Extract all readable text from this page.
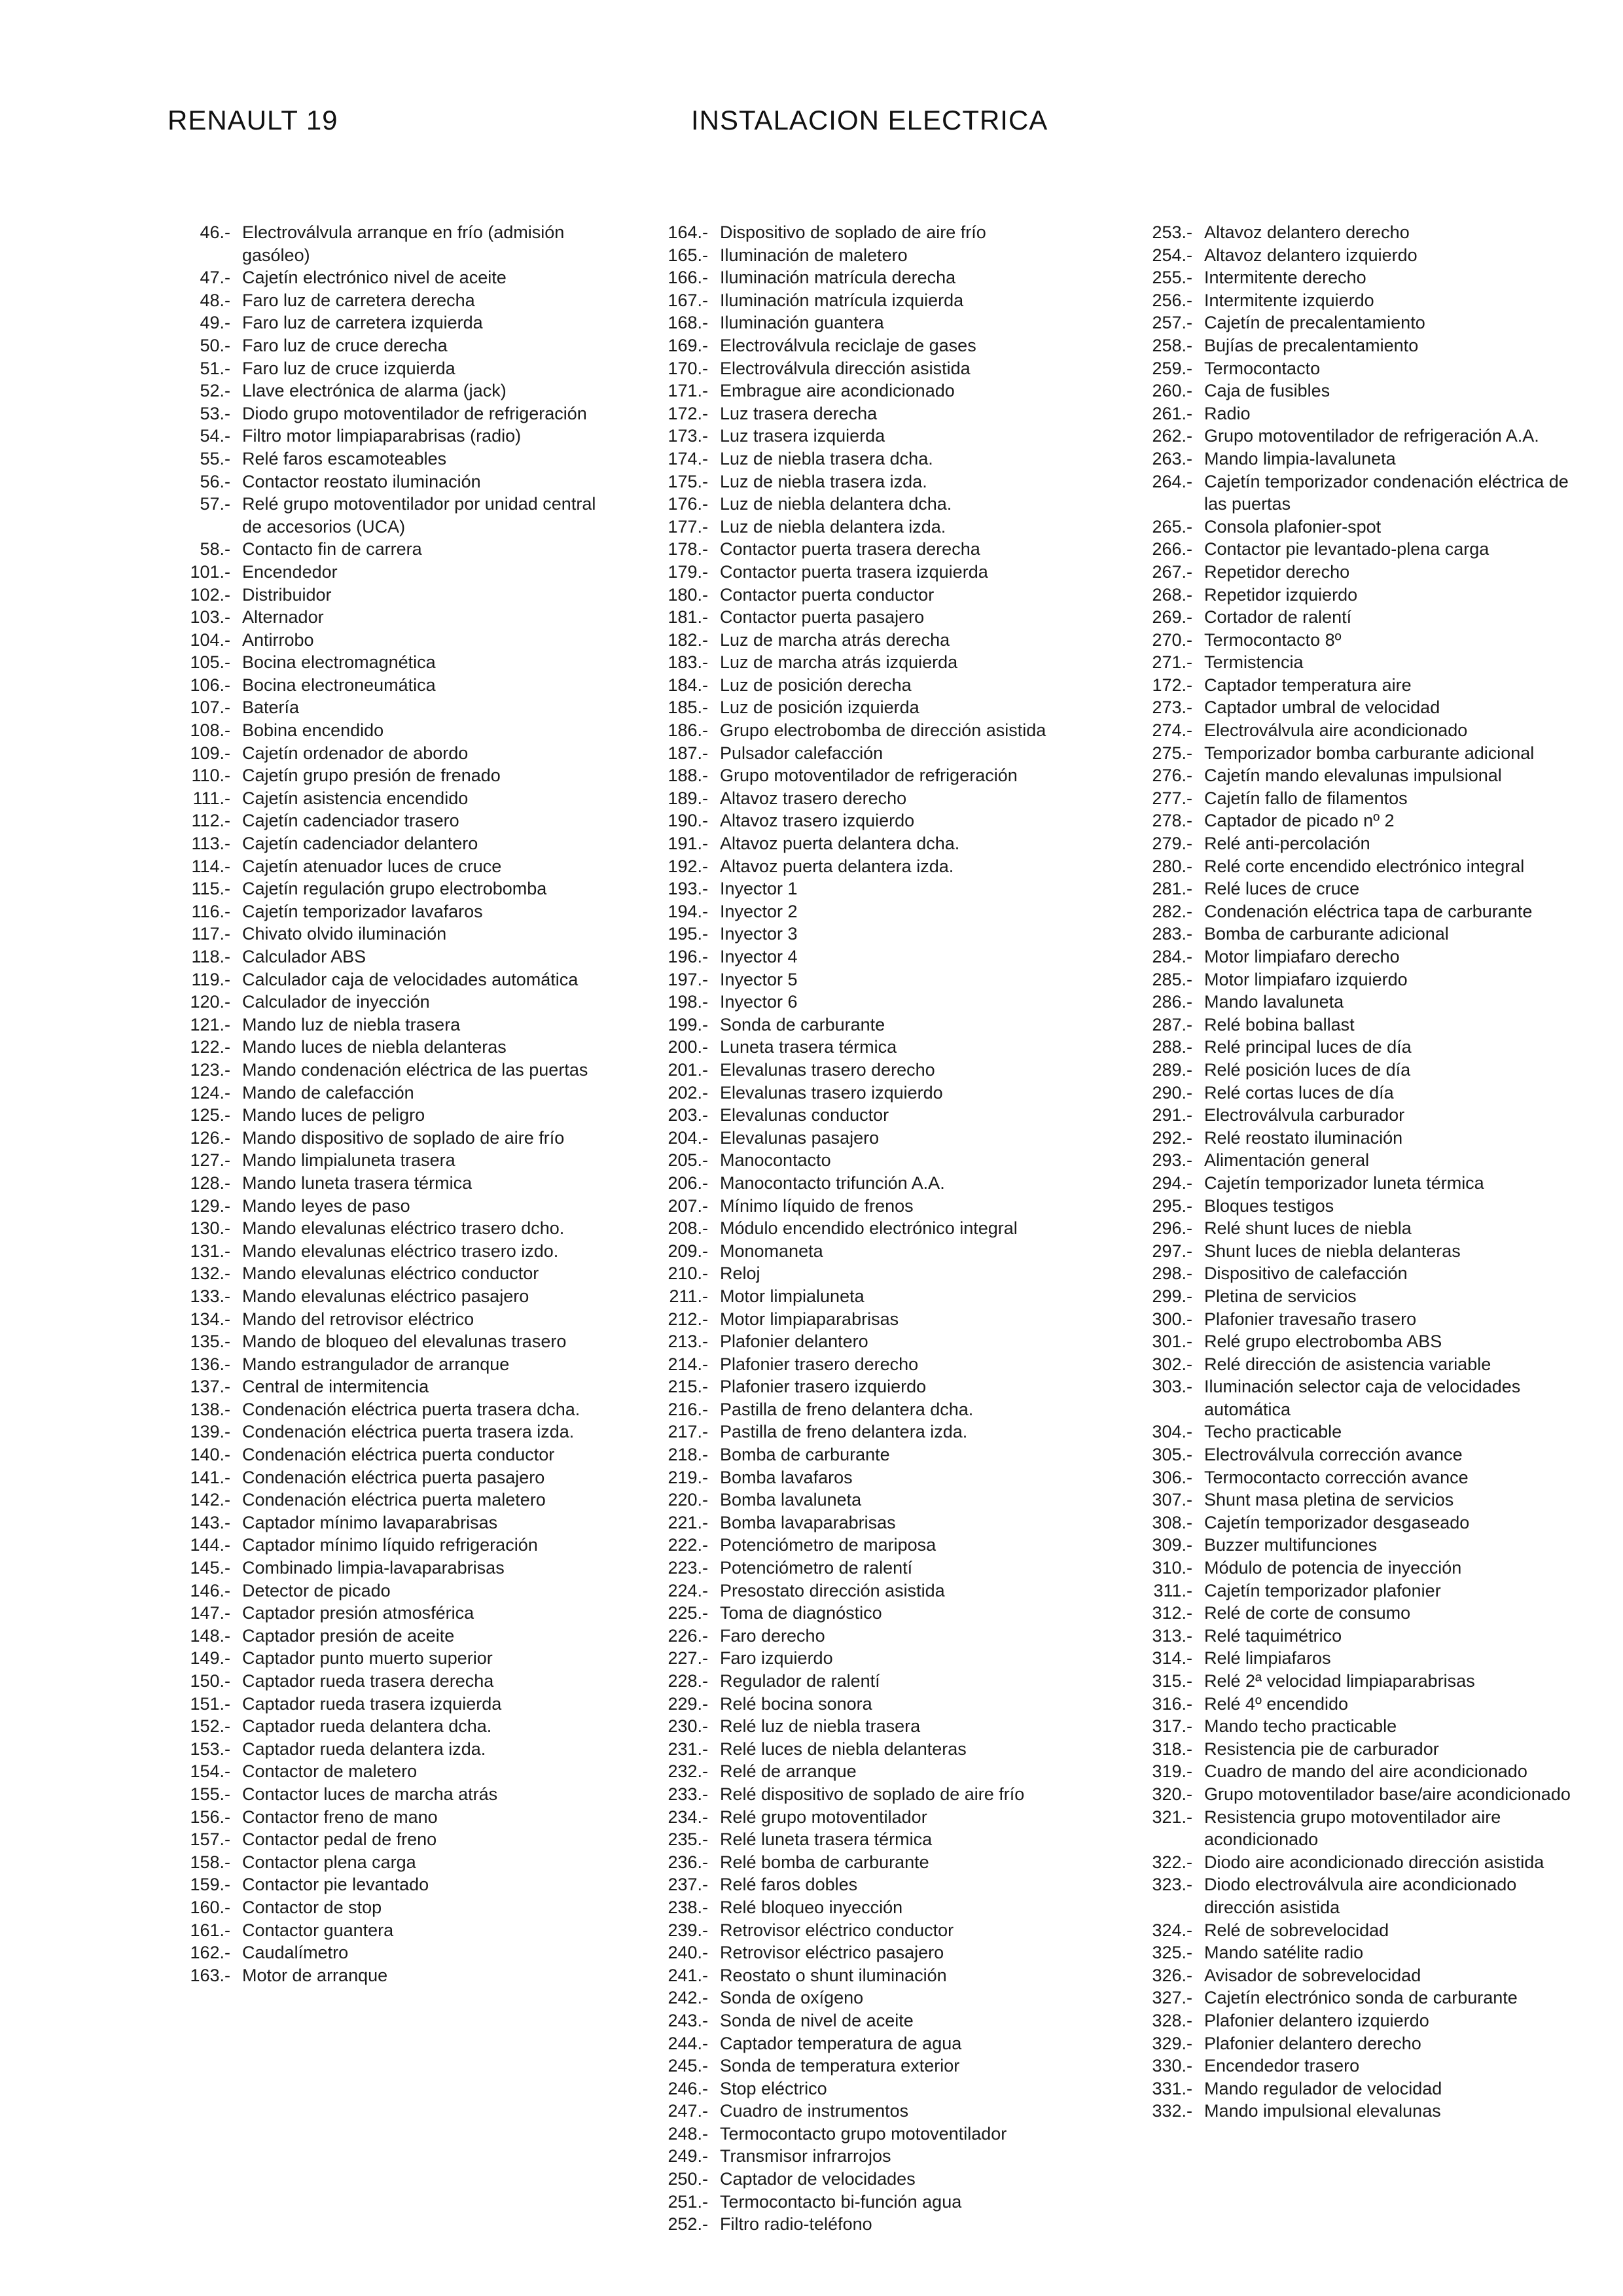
RENAULT 19	INSTALACION ELECTRICA
46.- Electroválvula arranque en frío (admisión gasóleo)
47.- Cajetín electrónico nivel de aceite
48.- Faro luz de carretera derecha
49.- Faro luz de carretera izquierda
50.- Faro luz de cruce derecha
51.- Faro luz de cruce izquierda
52.- Llave electrónica de alarma (jack)
53.- Diodo grupo motoventilador de refrigeración
54.- Filtro motor limpiaparabrisas (radio)
55.- Relé faros escamoteables
56.- Contactor reostato iluminación
57.- Relé grupo motoventilador por unidad central de accesorios (UCA)
58.- Contacto fin de carrera
101.- Encendedor
102.- Distribuidor
103.- Alternador
104.- Antirrobo
105.- Bocina electromagnética
106.- Bocina electroneumática
107.- Batería
108.- Bobina encendido
109.- Cajetín ordenador de abordo
110.- Cajetín grupo presión de frenado
111.- Cajetín asistencia encendido
112.- Cajetín cadenciador trasero
113.- Cajetín cadenciador delantero
114.- Cajetín atenuador luces de cruce
115.- Cajetín regulación grupo electrobomba
116.- Cajetín temporizador lavafaros
117.- Chivato olvido iluminación
118.- Calculador ABS
119.- Calculador caja de velocidades automática
120.- Calculador de inyección
121.- Mando luz de niebla trasera
122.- Mando luces de niebla delanteras
123.- Mando condenación eléctrica de las puertas
124.- Mando de calefacción
125.- Mando luces de peligro
126.- Mando dispositivo de soplado de aire frío
127.- Mando limpialuneta trasera
128.- Mando luneta trasera térmica
129.- Mando leyes de paso
130.- Mando elevalunas eléctrico trasero dcho.
131.- Mando elevalunas eléctrico trasero izdo.
132.- Mando elevalunas eléctrico conductor
133.- Mando elevalunas eléctrico pasajero
134.- Mando del retrovisor eléctrico
135.- Mando de bloqueo del elevalunas trasero
136.- Mando estrangulador de arranque
137.- Central de intermitencia
138.- Condenación eléctrica puerta trasera dcha.
139.- Condenación eléctrica puerta trasera izda.
140.- Condenación eléctrica puerta conductor
141.- Condenación eléctrica puerta pasajero
142.- Condenación eléctrica puerta maletero
143.- Captador mínimo lavaparabrisas
144.- Captador mínimo líquido refrigeración
145.- Combinado limpia-lavaparabrisas
146.- Detector de picado
147.- Captador presión atmosférica
148.- Captador presión de aceite
149.- Captador punto muerto superior
150.- Captador rueda trasera derecha
151.- Captador rueda trasera izquierda
152.- Captador rueda delantera dcha.
153.- Captador rueda delantera izda.
154.- Contactor de maletero
155.- Contactor luces de marcha atrás
156.- Contactor freno de mano
157.- Contactor pedal de freno
158.- Contactor plena carga
159.- Contactor pie levantado
160.- Contactor de stop
161.- Contactor guantera
162.- Caudalímetro
163.- Motor de arranque
164.- Dispositivo de soplado de aire frío
165.- Iluminación de maletero
166.- Iluminación matrícula derecha
167.- Iluminación matrícula izquierda
168.- Iluminación guantera
169.- Electroválvula reciclaje de gases
170.- Electroválvula dirección asistida
171.- Embrague aire acondicionado
172.- Luz trasera derecha
173.- Luz trasera izquierda
174.- Luz de niebla trasera dcha.
175.- Luz de niebla trasera izda.
176.- Luz de niebla delantera dcha.
177.- Luz de niebla delantera izda.
178.- Contactor puerta trasera derecha
179.- Contactor puerta trasera izquierda
180.- Contactor puerta conductor
181.- Contactor puerta pasajero
182.- Luz de marcha atrás derecha
183.- Luz de marcha atrás izquierda
184.- Luz de posición derecha
185.- Luz de posición izquierda
186.- Grupo electrobomba de dirección asistida
187.- Pulsador calefacción
188.- Grupo motoventilador de refrigeración
189.- Altavoz trasero derecho
190.- Altavoz trasero izquierdo
191.- Altavoz puerta delantera dcha.
192.- Altavoz puerta delantera izda.
193.- Inyector 1
194.- Inyector 2
195.- Inyector 3
196.- Inyector 4
197.- Inyector 5
198.- Inyector 6
199.- Sonda de carburante
200.- Luneta trasera térmica
201.- Elevalunas trasero derecho
202.- Elevalunas trasero izquierdo
203.- Elevalunas conductor
204.- Elevalunas pasajero
205.- Manocontacto
206.- Manocontacto trifunción A.A.
207.- Mínimo líquido de frenos
208.- Módulo encendido electrónico integral
209.- Monomaneta
210.- Reloj
211.- Motor limpialuneta
212.- Motor limpiaparabrisas
213.- Plafonier delantero
214.- Plafonier trasero derecho
215.- Plafonier trasero izquierdo
216.- Pastilla de freno delantera dcha.
217.- Pastilla de freno delantera izda.
218.- Bomba de carburante
219.- Bomba lavafaros
220.- Bomba lavaluneta
221.- Bomba lavaparabrisas
222.- Potenciómetro de mariposa
223.- Potenciómetro de ralentí
224.- Presostato dirección asistida
225.- Toma de diagnóstico
226.- Faro derecho
227.- Faro izquierdo
228.- Regulador de ralentí
229.- Relé bocina sonora
230.- Relé luz de niebla trasera
231.- Relé luces de niebla delanteras
232.- Relé de arranque
233.- Relé dispositivo de soplado de aire frío
234.- Relé grupo motoventilador
235.- Relé luneta trasera térmica
236.- Relé bomba de carburante
237.- Relé faros dobles
238.- Relé bloqueo inyección
239.- Retrovisor eléctrico conductor
240.- Retrovisor eléctrico pasajero
241.- Reostato o shunt iluminación
242.- Sonda de oxígeno
243.- Sonda de nivel de aceite
244.- Captador temperatura de agua
245.- Sonda de temperatura exterior
246.- Stop eléctrico
247.- Cuadro de instrumentos
248.- Termocontacto grupo motoventilador
249.- Transmisor infrarrojos
250.- Captador de velocidades
251.- Termocontacto bi-función agua
252.- Filtro radio-teléfono
253.- Altavoz delantero derecho
254.- Altavoz delantero izquierdo
255.- Intermitente derecho
256.- Intermitente izquierdo
257.- Cajetín de precalentamiento
258.- Bujías de precalentamiento
259.- Termocontacto
260.- Caja de fusibles
261.- Radio
262.- Grupo motoventilador de refrigeración A.A.
263.- Mando limpia-lavaluneta
264.- Cajetín temporizador condenación eléctrica de las puertas
265.- Consola plafonier-spot
266.- Contactor pie levantado-plena carga
267.- Repetidor derecho
268.- Repetidor izquierdo
269.- Cortador de ralentí
270.- Termocontacto 8º
271.- Termistencia
172.- Captador temperatura aire
273.- Captador umbral de velocidad
274.- Electroválvula aire acondicionado
275.- Temporizador bomba carburante adicional
276.- Cajetín mando elevalunas impulsional
277.- Cajetín fallo de filamentos
278.- Captador de picado nº 2
279.- Relé anti-percolación
280.- Relé corte encendido electrónico integral
281.- Relé luces de cruce
282.- Condenación eléctrica tapa de carburante
283.- Bomba de carburante adicional
284.- Motor limpiafaro derecho
285.- Motor limpiafaro izquierdo
286.- Mando lavaluneta
287.- Relé bobina ballast
288.- Relé principal luces de día
289.- Relé posición luces de día
290.- Relé cortas luces de día
291.- Electroválvula carburador
292.- Relé reostato iluminación
293.- Alimentación general
294.- Cajetín temporizador luneta térmica
295.- Bloques testigos
296.- Relé shunt luces de niebla
297.- Shunt luces de niebla delanteras
298.- Dispositivo de calefacción
299.- Pletina de servicios
300.- Plafonier travesaño trasero
301.- Relé grupo electrobomba ABS
302.- Relé dirección de asistencia variable
303.- Iluminación selector caja de velocidades automática
304.- Techo practicable
305.- Electroválvula corrección avance
306.- Termocontacto corrección avance
307.- Shunt masa pletina de servicios
308.- Cajetín temporizador desgaseado
309.- Buzzer multifunciones
310.- Módulo de potencia de inyección
311.- Cajetín temporizador plafonier
312.- Relé de corte de consumo
313.- Relé taquimétrico
314.- Relé limpiafaros
315.- Relé 2ª velocidad limpiaparabrisas
316.- Relé 4º encendido
317.- Mando techo practicable
318.- Resistencia pie de carburador
319.- Cuadro de mando del aire acondicionado
320.- Grupo motoventilador base/aire acondicionado
321.- Resistencia grupo motoventilador aire acondicionado
322.- Diodo aire acondicionado dirección asistida
323.- Diodo electroválvula aire acondicionado dirección asistida
324.- Relé de sobrevelocidad
325.- Mando satélite radio
326.- Avisador de sobrevelocidad
327.- Cajetín electrónico sonda de carburante
328.- Plafonier delantero izquierdo
329.- Plafonier delantero derecho
330.- Encendedor trasero
331.- Mando regulador de velocidad
332.- Mando impulsional elevalunas
